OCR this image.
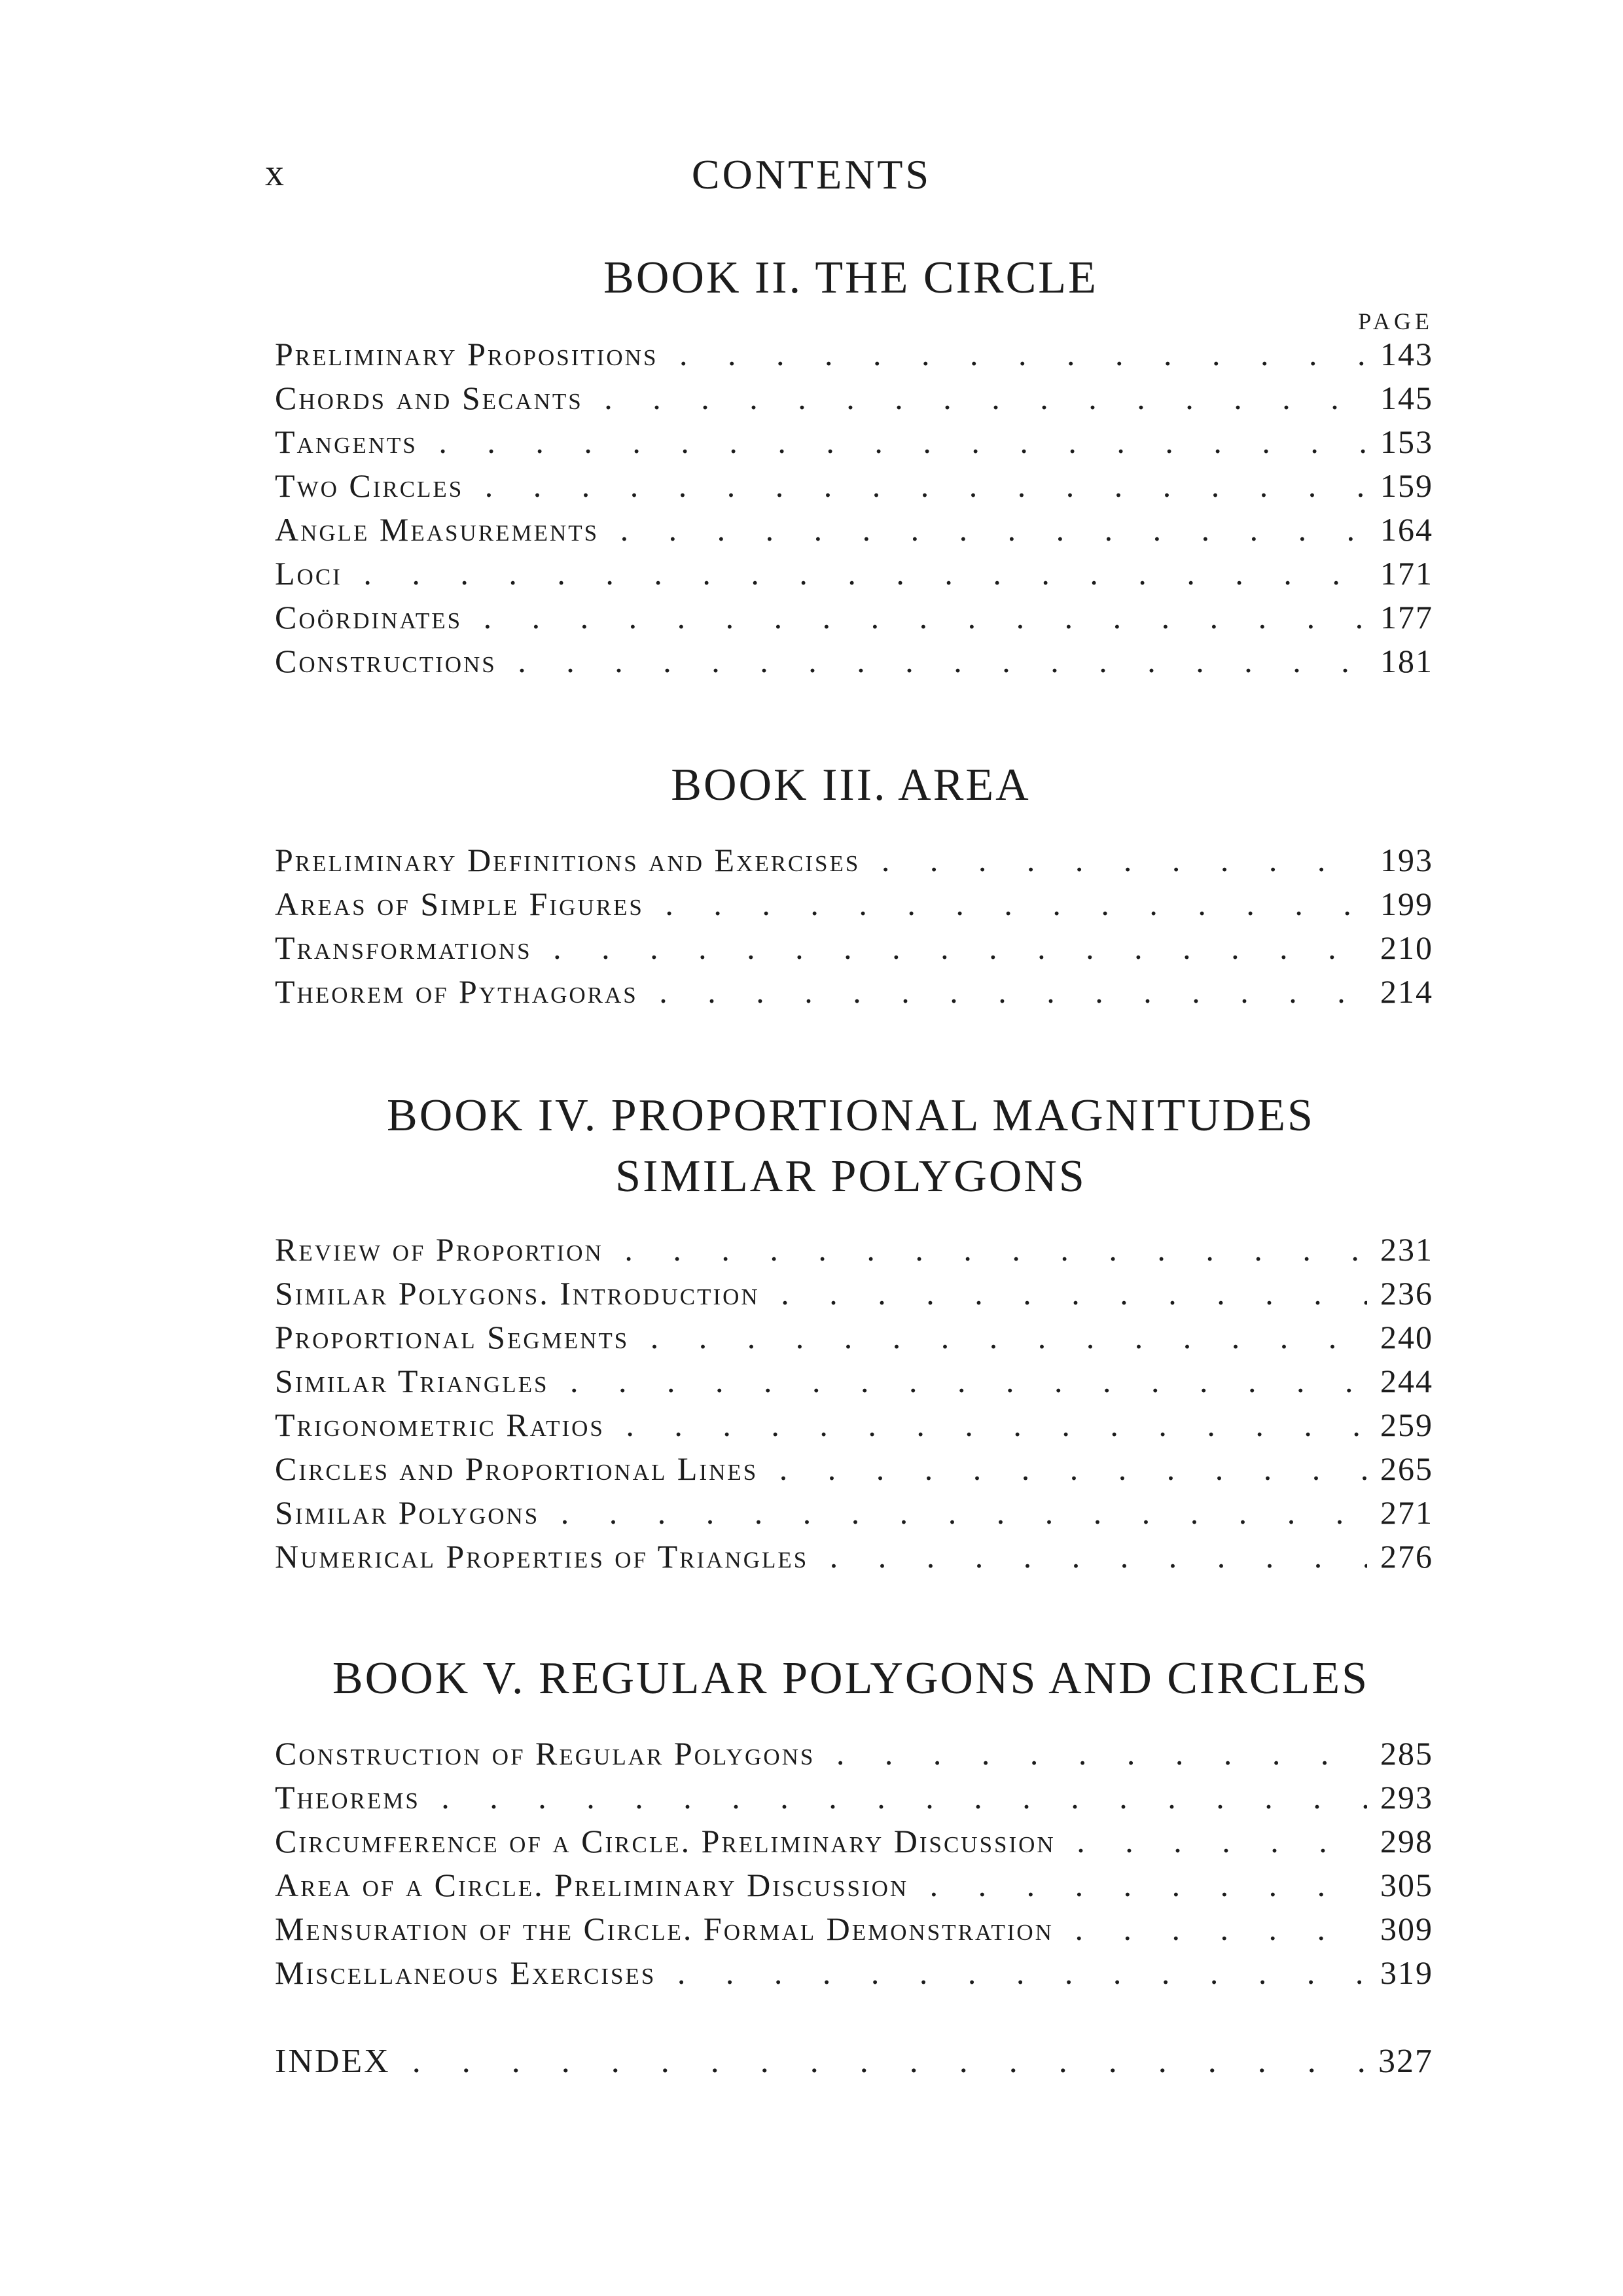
x	CONTENTS
BOOK II. THE CIRCLE
PAGE
Preliminary Propositions . .	143
Chords and Secants . .	145
Tangents . .	153
Two Circles . .	159
Angle Measurements . .	164
Loci . .	171
Coördinates . .	177
Constructions . .	181
BOOK III. AREA
Preliminary Definitions and Exercises . .	193
Areas of Simple Figures . .	199
Transformations . .	210
Theorem of Pythagoras . .	214
BOOK IV. PROPORTIONAL MAGNITUDES
SIMILAR POLYGONS
Review of Proportion . .	231
Similar Polygons. Introduction . .	236
Proportional Segments . .	240
Similar Triangles . .	244
Trigonometric Ratios . .	259
Circles and Proportional Lines . .	265
Similar Polygons . .	271
Numerical Properties of Triangles . .	276
BOOK V. REGULAR POLYGONS AND CIRCLES
Construction of Regular Polygons . .	285
Theorems . .	293
Circumference of a Circle. Preliminary Discussion . .	298
Area of a Circle. Preliminary Discussion . .	305
Mensuration of the Circle. Formal Demonstration . .	309
Miscellaneous Exercises . .	319
INDEX . .	327
